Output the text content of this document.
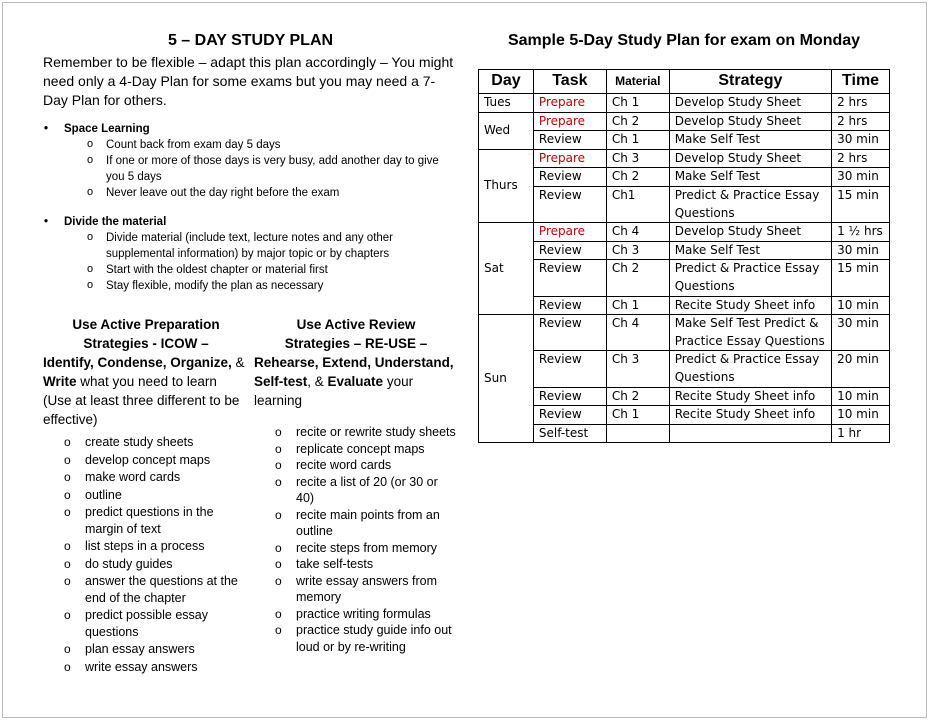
5 – DAY STUDY PLAN
Remember to be flexible – adapt this plan accordingly – You might need only a 4-Day Plan for some exams but you may need a 7-Day Plan for others.
• Space Learning
o Count back from exam day 5 days
o If one or more of those days is very busy, add another day to give you 5 days
o Never leave out the day right before the exam
• Divide the material
o Divide material (include text, lecture notes and any other supplemental information) by major topic or by chapters
o Start with the oldest chapter or material first
o Stay flexible, modify the plan as necessary
Use Active Preparation
Strategies - ICOW –
Identify, Condense, Organize, & Write what you need to learn (Use at least three different to be effective)
o create study sheets
o develop concept maps
o make word cards
o outline
o predict questions in the margin of text
o list steps in a process
o do study guides
o answer the questions at the end of the chapter
o predict possible essay questions
o plan essay answers
o write essay answers
Use Active Review
Strategies – RE-USE –
Rehearse, Extend, Understand, Self-test, & Evaluate your learning
o recite or rewrite study sheets
o replicate concept maps
o recite word cards
o recite a list of 20 (or 30 or 40)
o recite main points from an outline
o recite steps from memory
o take self-tests
o write essay answers from memory
o practice writing formulas
o practice study guide info out loud or by re-writing
Sample 5-Day Study Plan for exam on Monday
Day	Task	Material	Strategy	Time
Tues	Prepare	Ch 1	Develop Study Sheet	2 hrs
Wed	Prepare	Ch 2	Develop Study Sheet	2 hrs
	Review	Ch 1	Make Self Test	30 min
Thurs	Prepare	Ch 3	Develop Study Sheet	2 hrs
	Review	Ch 2	Make Self Test	30 min
	Review	Ch1	Predict & Practice Essay Questions	15 min
Sat	Prepare	Ch 4	Develop Study Sheet	1 ½ hrs
	Review	Ch 3	Make Self Test	30 min
	Review	Ch 2	Predict & Practice Essay Questions	15 min
	Review	Ch 1	Recite Study Sheet info	10 min
Sun	Review	Ch 4	Make Self Test Predict & Practice Essay Questions	30 min
	Review	Ch 3	Predict & Practice Essay Questions	20 min
	Review	Ch 2	Recite Study Sheet info	10 min
	Review	Ch 1	Recite Study Sheet info	10 min
	Self-test			1 hr
